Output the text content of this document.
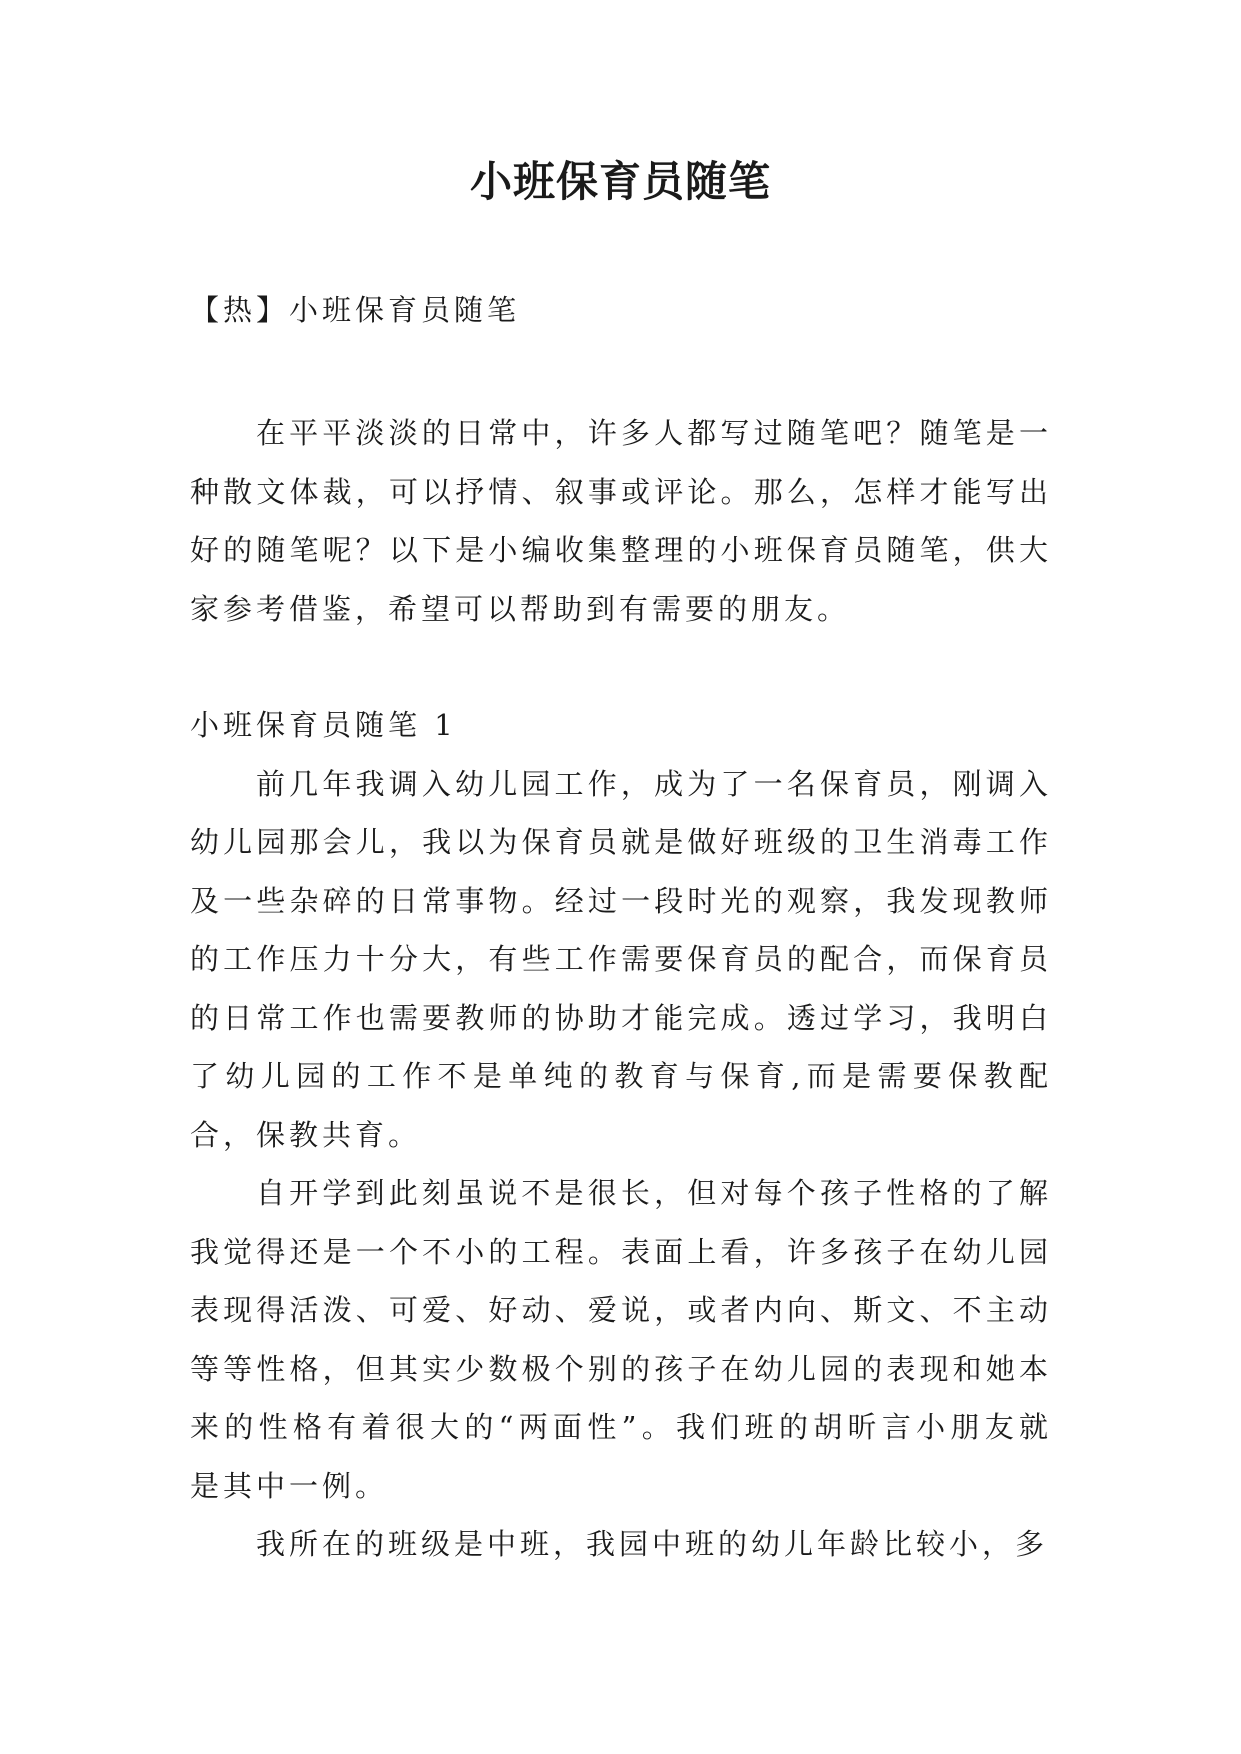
小班保育员随笔
【热】小班保育员随笔

在平平淡淡的日常中，许多人都写过随笔吧？随笔是一种散文体裁，可以抒情、叙事或评论。那么，怎样才能写出好的随笔呢？以下是小编收集整理的小班保育员随笔，供大家参考借鉴，希望可以帮助到有需要的朋友。

小班保育员随笔 1

前几年我调入幼儿园工作，成为了一名保育员，刚调入幼儿园那会儿，我以为保育员就是做好班级的卫生消毒工作及一些杂碎的日常事物。经过一段时光的观察，我发现教师的工作压力十分大，有些工作需要保育员的配合，而保育员的日常工作也需要教师的协助才能完成。透过学习，我明白了幼儿园的工作不是单纯的教育与保育,而是需要保教配合，保教共育。

自开学到此刻虽说不是很长，但对每个孩子性格的了解我觉得还是一个不小的工程。表面上看，许多孩子在幼儿园表现得活泼、可爱、好动、爱说，或者内向、斯文、不主动等等性格，但其实少数极个别的孩子在幼儿园的表现和她本来的性格有着很大的“两面性”。我们班的胡昕言小朋友就是其中一例。

我所在的班级是中班，我园中班的幼儿年龄比较小，多
